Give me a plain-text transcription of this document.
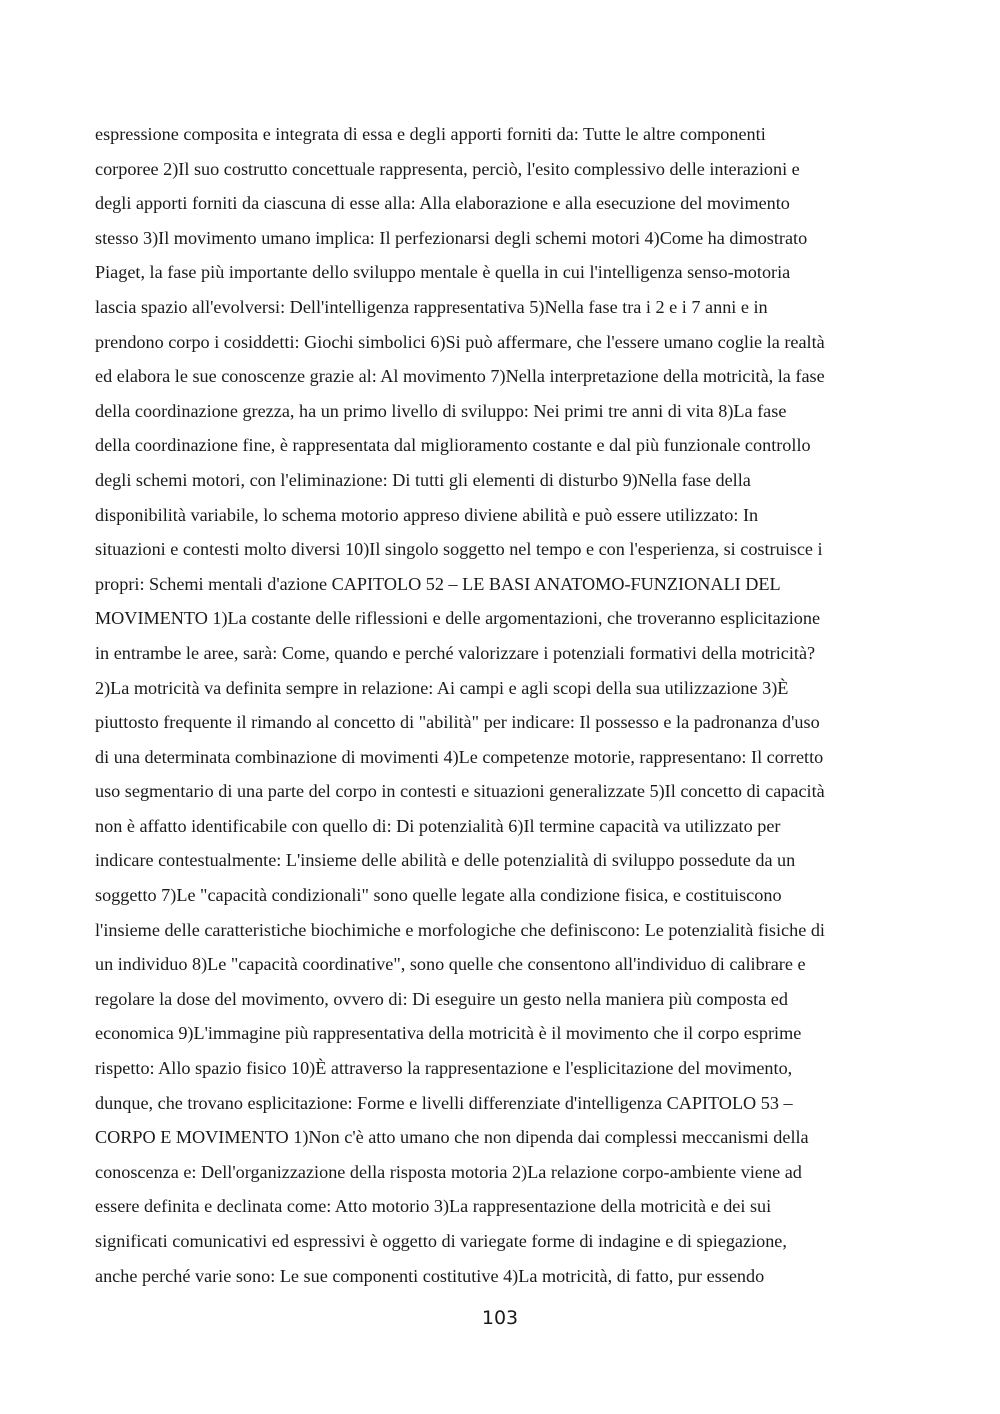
espressione composita e integrata di essa e degli apporti forniti da: Tutte le altre componenti
corporee 2)Il suo costrutto concettuale rappresenta, perciò, l'esito complessivo delle interazioni e
degli apporti forniti da ciascuna di esse alla: Alla elaborazione e alla esecuzione del movimento
stesso 3)Il movimento umano implica: Il perfezionarsi degli schemi motori 4)Come ha dimostrato
Piaget, la fase più importante dello sviluppo mentale è quella in cui l'intelligenza senso-motoria
lascia spazio all'evolversi: Dell'intelligenza rappresentativa 5)Nella fase tra i 2 e i 7 anni e in
prendono corpo i cosiddetti: Giochi simbolici 6)Si può affermare, che l'essere umano coglie la realtà
ed elabora le sue conoscenze grazie al: Al movimento 7)Nella interpretazione della motricità, la fase
della coordinazione grezza, ha un primo livello di sviluppo: Nei primi tre anni di vita 8)La fase
della coordinazione fine, è rappresentata dal miglioramento costante e dal più funzionale controllo
degli schemi motori, con l'eliminazione: Di tutti gli elementi di disturbo 9)Nella fase della
disponibilità variabile, lo schema motorio appreso diviene abilità e può essere utilizzato: In
situazioni e contesti molto diversi 10)Il singolo soggetto nel tempo e con l'esperienza, si costruisce i
propri: Schemi mentali d'azione CAPITOLO 52 – LE BASI ANATOMO-FUNZIONALI DEL
MOVIMENTO 1)La costante delle riflessioni e delle argomentazioni, che troveranno esplicitazione
in entrambe le aree, sarà: Come, quando e perché valorizzare i potenziali formativi della motricità?
2)La motricità va definita sempre in relazione: Ai campi e agli scopi della sua utilizzazione 3)È
piuttosto frequente il rimando al concetto di "abilità" per indicare: Il possesso e la padronanza d'uso
di una determinata combinazione di movimenti 4)Le competenze motorie, rappresentano: Il corretto
uso segmentario di una parte del corpo in contesti e situazioni generalizzate 5)Il concetto di capacità
non è affatto identificabile con quello di: Di potenzialità 6)Il termine capacità va utilizzato per
indicare contestualmente: L'insieme delle abilità e delle potenzialità di sviluppo possedute da un
soggetto 7)Le "capacità condizionali" sono quelle legate alla condizione fisica, e costituiscono
l'insieme delle caratteristiche biochimiche e morfologiche che definiscono: Le potenzialità fisiche di
un individuo 8)Le "capacità coordinative", sono quelle che consentono all'individuo di calibrare e
regolare la dose del movimento, ovvero di: Di eseguire un gesto nella maniera più composta ed
economica 9)L'immagine più rappresentativa della motricità è il movimento che il corpo esprime
rispetto: Allo spazio fisico 10)È attraverso la rappresentazione e l'esplicitazione del movimento,
dunque, che trovano esplicitazione: Forme e livelli differenziate d'intelligenza CAPITOLO 53 –
CORPO E MOVIMENTO 1)Non c'è atto umano che non dipenda dai complessi meccanismi della
conoscenza e: Dell'organizzazione della risposta motoria 2)La relazione corpo-ambiente viene ad
essere definita e declinata come: Atto motorio 3)La rappresentazione della motricità e dei sui
significati comunicativi ed espressivi è oggetto di variegate forme di indagine e di spiegazione,
anche perché varie sono: Le sue componenti costitutive 4)La motricità, di fatto, pur essendo

103
